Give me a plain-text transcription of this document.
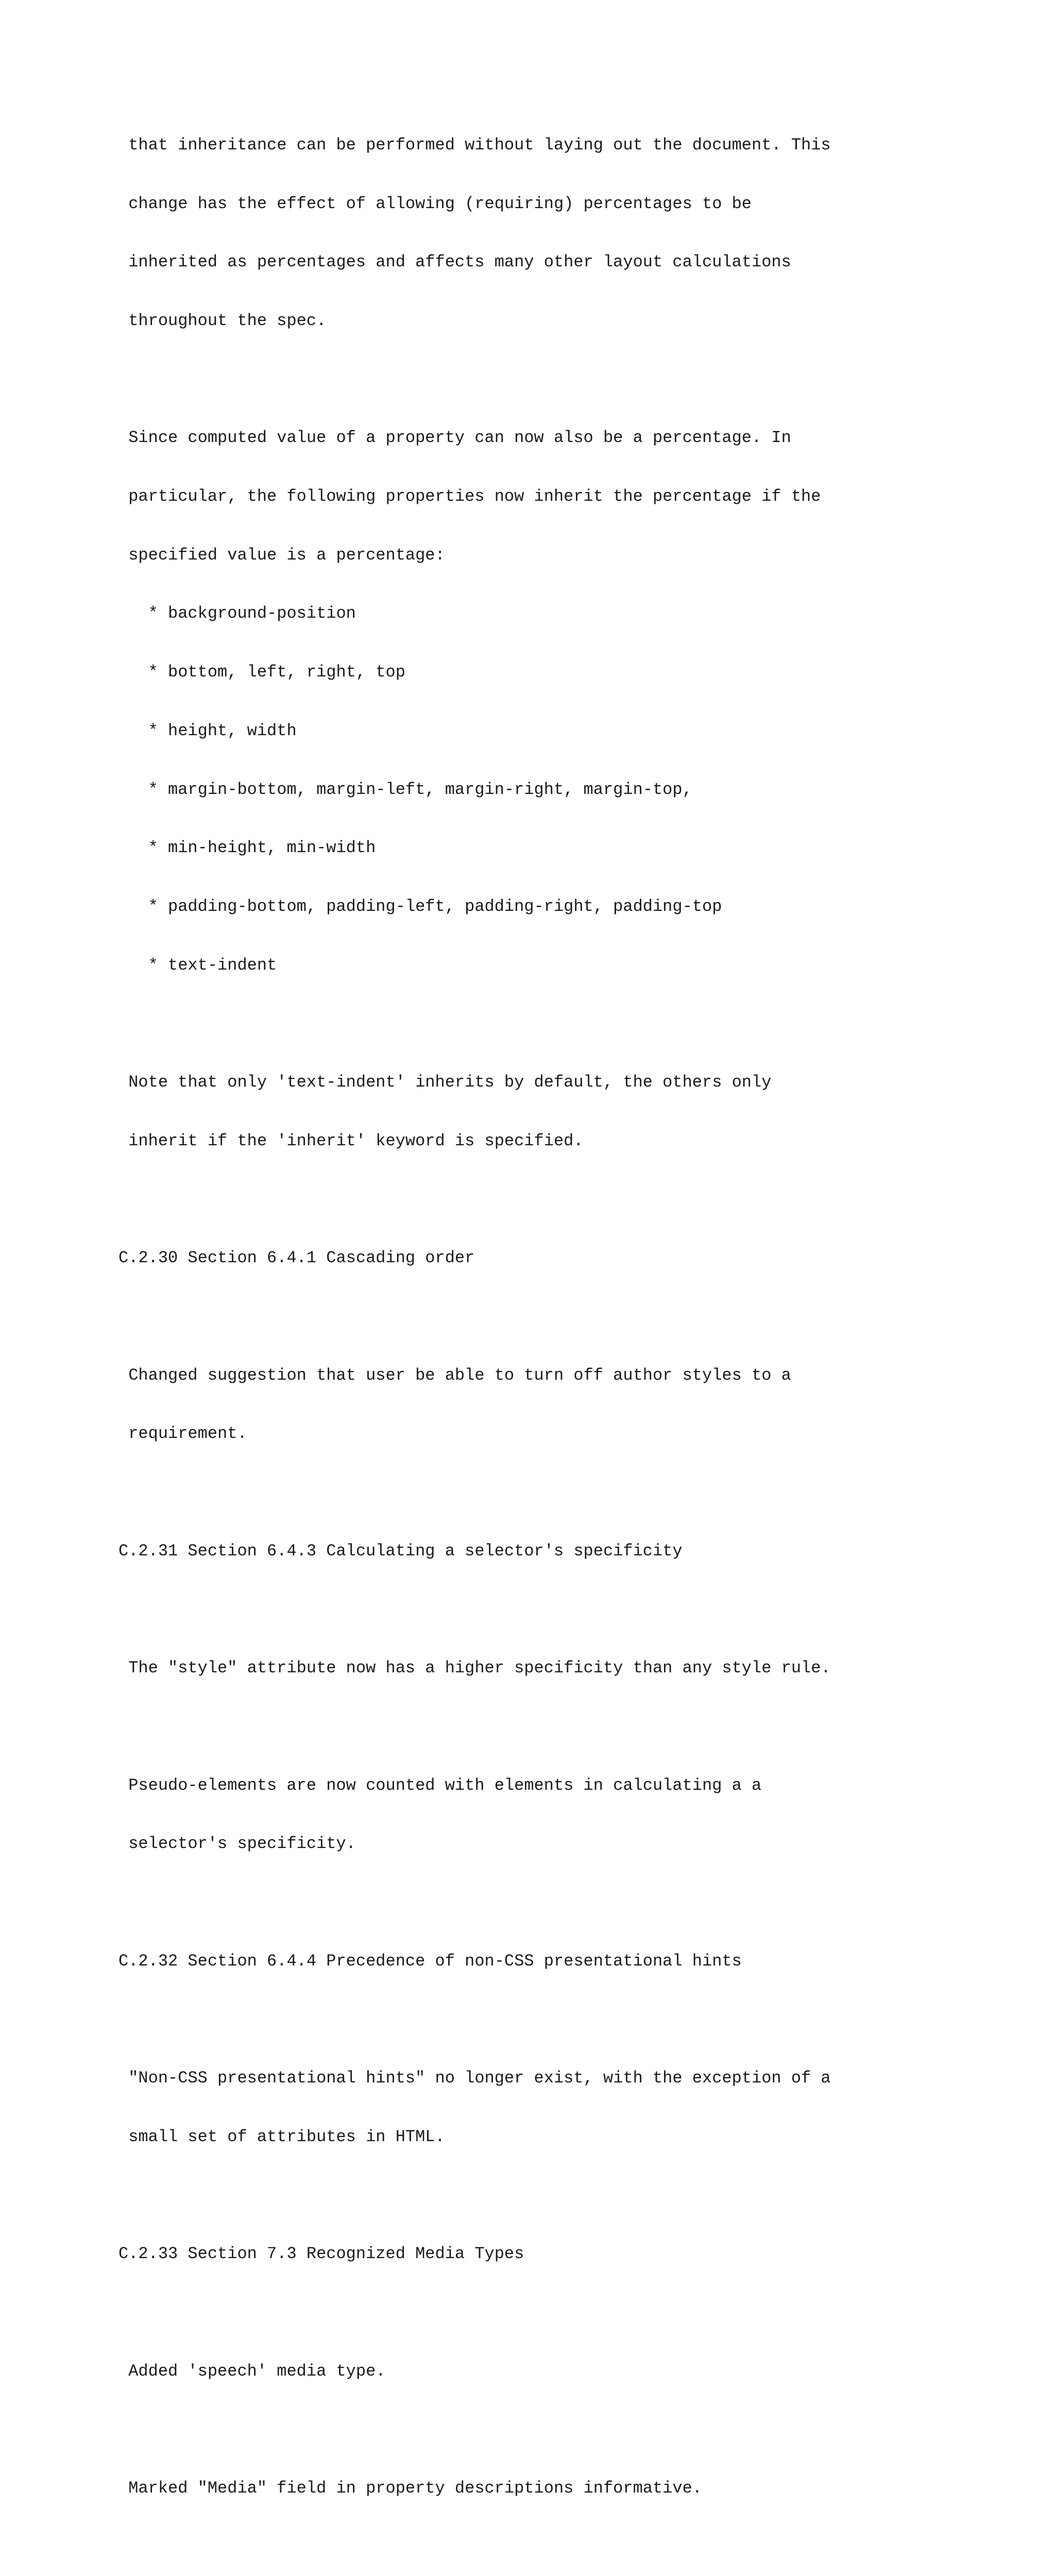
that inheritance can be performed without laying out the document. This

change has the effect of allowing (requiring) percentages to be

inherited as percentages and affects many other layout calculations

throughout the spec.

Since computed value of a property can now also be a percentage. In

particular, the following properties now inherit the percentage if the

specified value is a percentage:

* background-position

* bottom, left, right, top

* height, width

* margin-bottom, margin-left, margin-right, margin-top,

* min-height, min-width

* padding-bottom, padding-left, padding-right, padding-top

* text-indent

Note that only 'text-indent' inherits by default, the others only

inherit if the 'inherit' keyword is specified.

C.2.30 Section 6.4.1 Cascading order

Changed suggestion that user be able to turn off author styles to a

requirement.

C.2.31 Section 6.4.3 Calculating a selector's specificity

The "style" attribute now has a higher specificity than any style rule.

Pseudo-elements are now counted with elements in calculating a a

selector's specificity.

C.2.32 Section 6.4.4 Precedence of non-CSS presentational hints

"Non-CSS presentational hints" no longer exist, with the exception of a

small set of attributes in HTML.

C.2.33 Section 7.3 Recognized Media Types

Added 'speech' media type.

Marked "Media" field in property descriptions informative.
